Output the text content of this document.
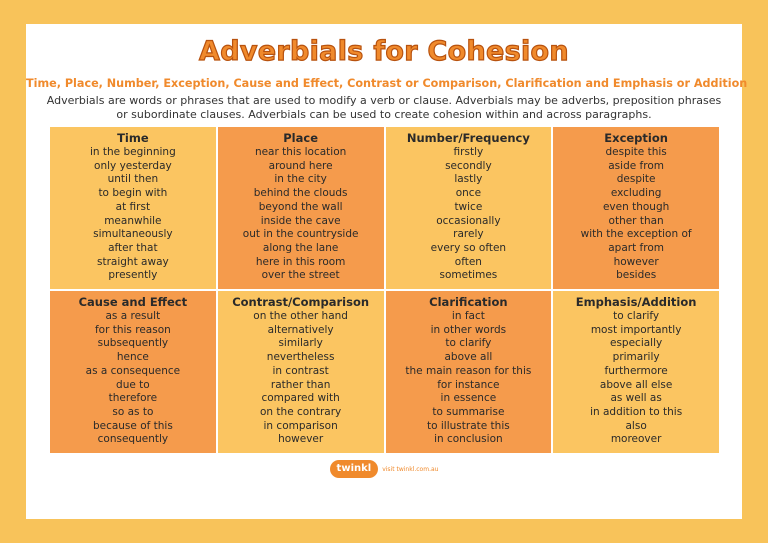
Adverbials for Cohesion
Time, Place, Number, Exception, Cause and Effect, Contrast or Comparison, Clarification and Emphasis or Addition

Adverbials are words or phrases that are used to modify a verb or clause. Adverbials may be adverbs, preposition phrases or subordinate clauses. Adverbials can be used to create cohesion within and across paragraphs.

Time
in the beginning
only yesterday
until then
to begin with
at first
meanwhile
simultaneously
after that
straight away
presently
Place
near this location
around here
in the city
behind the clouds
beyond the wall
inside the cave
out in the countryside
along the lane
here in this room
over the street
Number/Frequency
firstly
secondly
lastly
once
twice
occasionally
rarely
every so often
often
sometimes
Exception
despite this
aside from
despite
excluding
even though
other than
with the exception of
apart from
however
besides
Cause and Effect
as a result
for this reason
subsequently
hence
as a consequence
due to
therefore
so as to
because of this
consequently
Contrast/Comparison
on the other hand
alternatively
similarly
nevertheless
in contrast
rather than
compared with
on the contrary
in comparison
however
Clarification
in fact
in other words
to clarify
above all
the main reason for this
for instance
in essence
to summarise
to illustrate this
in conclusion
Emphasis/Addition
to clarify
most importantly
especially
primarily
furthermore
above all else
as well as
in addition to this
also
moreover
twinkl	visit twinkl.com.au
